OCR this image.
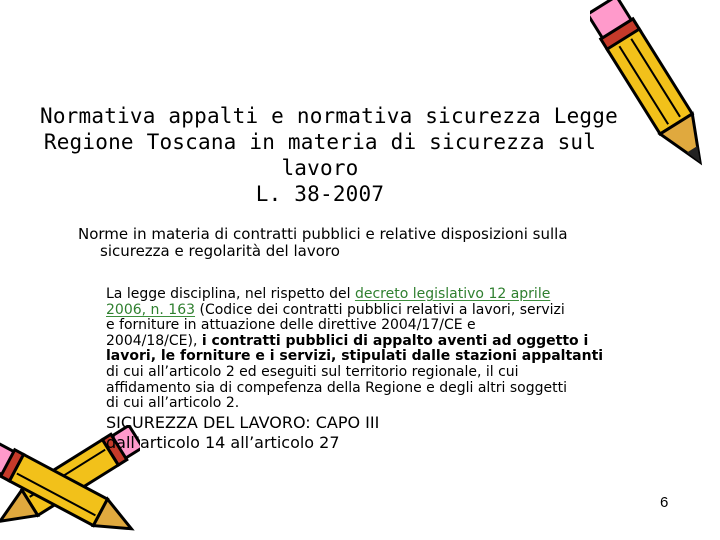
Normativa appalti e normativa sicurezza Legge
Regione Toscana in materia di sicurezza sul
lavoro
L. 38-2007
Norme in materia di contratti pubblici e relative disposizioni sulla
sicurezza e regolarità del lavoro
La legge disciplina, nel rispetto del decreto legislativo 12 aprile
2006, n. 163 (Codice dei contratti pubblici relativi a lavori, servizi
e forniture in attuazione delle direttive 2004/17/CE e
2004/18/CE), i contratti pubblici di appalto aventi ad oggetto i
lavori, le forniture e i servizi, stipulati dalle stazioni appaltanti
di cui all’articolo 2 ed eseguiti sul territorio regionale, il cui
affidamento sia di compefenza della Regione e degli altri soggetti
di cui all’articolo 2.
SICUREZZA DEL LAVORO: CAPO III
dall’articolo 14 all’articolo 27
6
